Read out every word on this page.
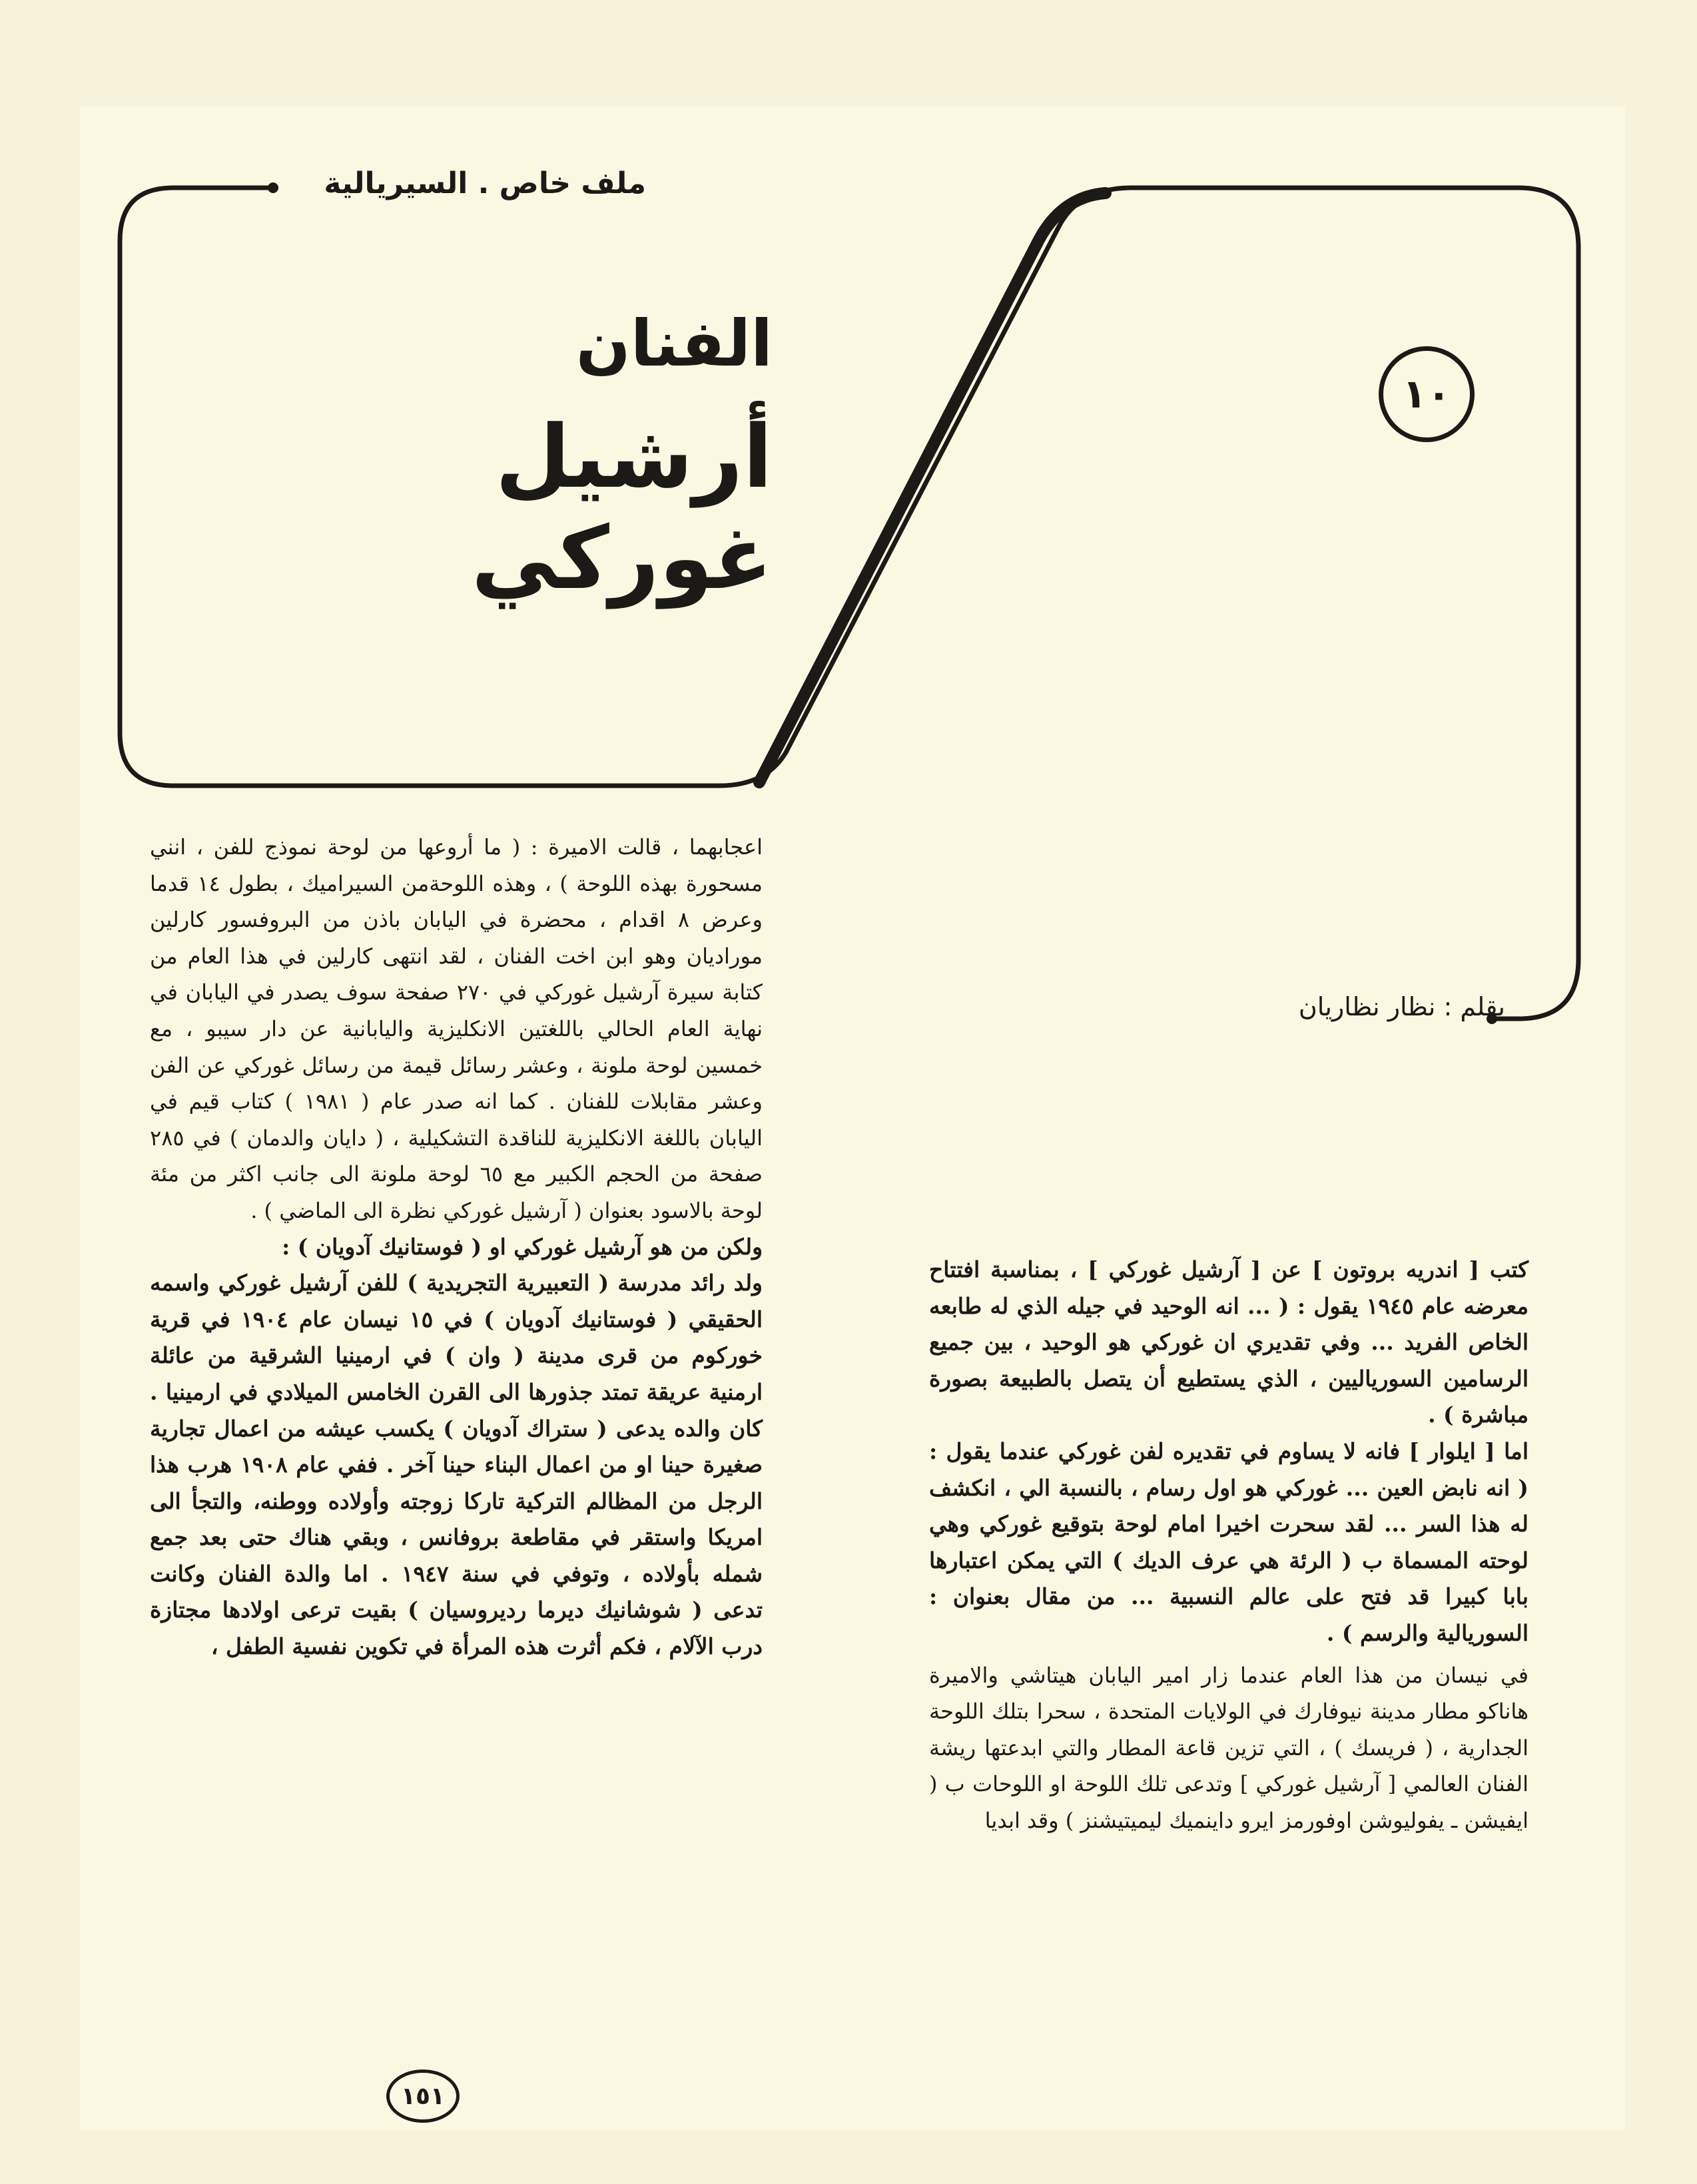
ملف خاص . السيريالية
الفنان
أرشيل غوركي
١٠
بقلم : نظار نظاريان

اعجابهما ، قالت الاميرة : ( ما أروعها من لوحة نموذج للفن ، انني مسحورة بهذه اللوحة ) ، وهذه اللوحةمن السيراميك ، بطول ١٤ قدما وعرض ٨ اقدام ، محضرة في اليابان باذن من البروفسور كارلين موراديان وهو ابن اخت الفنان ، لقد انتهى كارلين في هذا العام من كتابة سيرة آرشيل غوركي في ٢٧٠ صفحة سوف يصدر في اليابان في نهاية العام الحالي باللغتين الانكليزية واليابانية عن دار سيبو ، مع خمسين لوحة ملونة ، وعشر رسائل قيمة من رسائل غوركي عن الفن وعشر مقابلات للفنان . كما انه صدر عام ( ١٩٨١ ) كتاب قيم في اليابان باللغة الانكليزية للناقدة التشكيلية ، ( دايان والدمان ) في ٢٨٥ صفحة من الحجم الكبير مع ٦٥ لوحة ملونة الى جانب اكثر من مئة لوحة بالاسود بعنوان ( آرشيل غوركي نظرة الى الماضي ) .

ولكن من هو آرشيل غوركي او ( فوستانيك آدويان ) :

ولد رائد مدرسة ( التعبيرية التجريدية ) للفن آرشيل غوركي واسمه الحقيقي ( فوستانيك آدويان ) في ١٥ نيسان عام ١٩٠٤ في قرية خوركوم من قرى مدينة ( وان ) في ارمينيا الشرقية من عائلة ارمنية عريقة تمتد جذورها الى القرن الخامس الميلادي في ارمينيا . كان والده يدعى ( ستراك آدويان ) يكسب عيشه من اعمال تجارية صغيرة حينا او من اعمال البناء حينا آخر . ففي عام ١٩٠٨ هرب هذا الرجل من المظالم التركية تاركا زوجته وأولاده ووطنه، والتجأ الى امريكا واستقر في مقاطعة بروفانس ، وبقي هناك حتى بعد جمع شمله بأولاده ، وتوفي في سنة ١٩٤٧ . اما والدة الفنان وكانت تدعى ( شوشانيك ديرما رديروسيان ) بقيت ترعى اولادها مجتازة درب الآلام ، فكم أثرت هذه المرأة في تكوين نفسية الطفل ،

كتب [ اندريه بروتون ] عن [ آرشيل غوركي ] ، بمناسبة افتتاح معرضه عام ١٩٤٥ يقول : ( ... انه الوحيد في جيله الذي له طابعه الخاص الفريد ... وفي تقديري ان غوركي هو الوحيد ، بين جميع الرسامين السورياليين ، الذي يستطيع أن يتصل بالطبيعة بصورة مباشرة ) .

اما [ ايلوار ] فانه لا يساوم في تقديره لفن غوركي عندما يقول : ( انه نابض العين ... غوركي هو اول رسام ، بالنسبة الي ، انكشف له هذا السر ... لقد سحرت اخيرا امام لوحة بتوقيع غوركي وهي لوحته المسماة ب ( الرئة هي عرف الديك ) التي يمكن اعتبارها بابا كبيرا قد فتح على عالم النسبية ... من مقال بعنوان : السوريالية والرسم ) .

في نيسان من هذا العام عندما زار امير اليابان هيتاشي والاميرة هاناكو مطار مدينة نيوفارك في الولايات المتحدة ، سحرا بتلك اللوحة الجدارية ، ( فريسك ) ، التي تزين قاعة المطار والتي ابدعتها ريشة الفنان العالمي [ آرشيل غوركي ] وتدعى تلك اللوحة او اللوحات ب ( ايفيشن ـ يفوليوشن اوفورمز ايرو داينميك ليميتيشنز ) وقد ابديا

١٥١
